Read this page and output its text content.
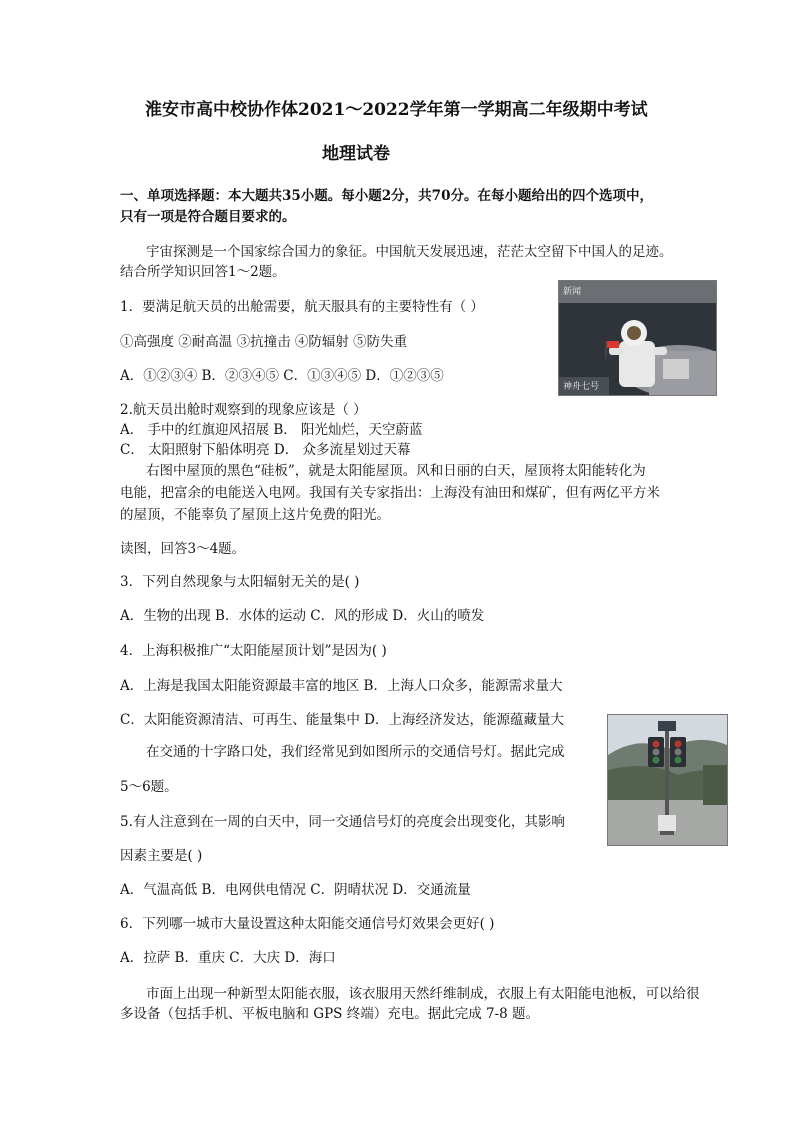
淮安市高中校协作体2021～2022学年第一学期高二年级期中考试
地理试卷
一、单项选择题：本大题共35小题。每小题2分，共70分。在每小题给出的四个选项中，
只有一项是符合题目要求的。
宇宙探测是一个国家综合国力的象征。中国航天发展迅速，茫茫太空留下中国人的足迹。
结合所学知识回答1～2题。
1．要满足航天员的出舱需要，航天服具有的主要特性有（ ）
①高强度 ②耐高温 ③抗撞击 ④防辐射 ⑤防失重
A．①②③④ B．②③④⑤ C．①③④⑤ D．①②③⑤
新闻
神舟七号
2.航天员出舱时观察到的现象应该是（ ）
A． 手中的红旗迎风招展 B． 阳光灿烂，天空蔚蓝
C． 太阳照射下船体明亮 D． 众多流星划过天幕
右图中屋顶的黑色“硅板”，就是太阳能屋顶。风和日丽的白天，屋顶将太阳能转化为
电能，把富余的电能送入电网。我国有关专家指出：上海没有油田和煤矿，但有两亿平方米
的屋顶，不能辜负了屋顶上这片免费的阳光。
读图，回答3～4题。
3．下列自然现象与太阳辐射无关的是( )
A．生物的出现 B．水体的运动 C．风的形成 D．火山的喷发
4．上海积极推广“太阳能屋顶计划”是因为( )
A．上海是我国太阳能资源最丰富的地区 B．上海人口众多，能源需求量大
C．太阳能资源清洁、可再生、能量集中 D．上海经济发达，能源蕴藏量大
在交通的十字路口处，我们经常见到如图所示的交通信号灯。据此完成
5～6题。
5.有人注意到在一周的白天中，同一交通信号灯的亮度会出现变化，其影响
因素主要是( )
A．气温高低 B．电网供电情况 C．阴晴状况 D．交通流量
6．下列哪一城市大量设置这种太阳能交通信号灯效果会更好( )
A．拉萨 B．重庆 C．大庆 D．海口
市面上出现一种新型太阳能衣服，该衣服用天然纤维制成，衣服上有太阳能电池板，可以给很
多设备（包括手机、平板电脑和 GPS 终端）充电。据此完成 7-8 题。
